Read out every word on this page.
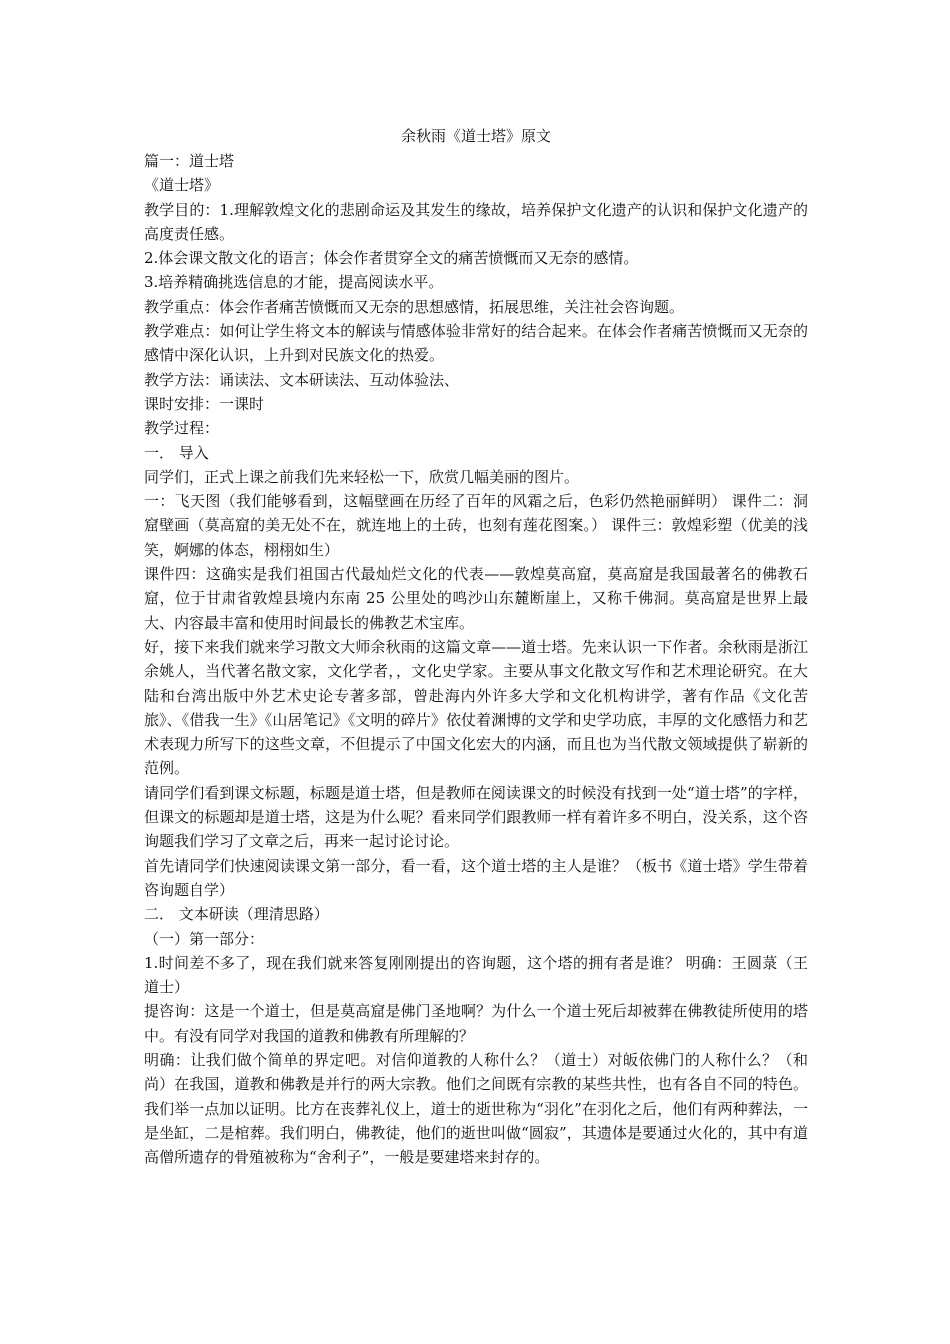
余秋雨《道士塔》原文
篇一：道士塔
《道士塔》
教学目的：1.理解敦煌文化的悲剧命运及其发生的缘故，培养保护文化遗产的认识和保护文化遗产的高度责任感。
2.体会课文散文化的语言；体会作者贯穿全文的痛苦愤慨而又无奈的感情。
3.培养精确挑选信息的才能，提高阅读水平。
教学重点：体会作者痛苦愤慨而又无奈的思想感情，拓展思维，关注社会咨询题。
教学难点：如何让学生将文本的解读与情感体验非常好的结合起来。在体会作者痛苦愤慨而又无奈的感情中深化认识，上升到对民族文化的热爱。
教学方法：诵读法、文本研读法、互动体验法、
课时安排：一课时
教学过程：
一． 导入
同学们，正式上课之前我们先来轻松一下，欣赏几幅美丽的图片。
一：飞天图（我们能够看到，这幅壁画在历经了百年的风霜之后，色彩仍然艳丽鲜明） 课件二：洞窟壁画（莫高窟的美无处不在，就连地上的土砖，也刻有莲花图案。） 课件三：敦煌彩塑（优美的浅笑，婀娜的体态，栩栩如生）
课件四：这确实是我们祖国古代最灿烂文化的代表——敦煌莫高窟，莫高窟是我国最著名的佛教石窟，位于甘肃省敦煌县境内东南 25 公里处的鸣沙山东麓断崖上，又称千佛洞。莫高窟是世界上最大、内容最丰富和使用时间最长的佛教艺术宝库。
好，接下来我们就来学习散文大师余秋雨的这篇文章——道士塔。先来认识一下作者。余秋雨是浙江余姚人，当代著名散文家，文化学者，，文化史学家。主要从事文化散文写作和艺术理论研究。在大陆和台湾出版中外艺术史论专著多部，曾赴海内外许多大学和文化机构讲学，著有作品《文化苦旅》、《借我一生》《山居笔记》《文明的碎片》依仗着渊博的文学和史学功底，丰厚的文化感悟力和艺术表现力所写下的这些文章，不但提示了中国文化宏大的内涵，而且也为当代散文领域提供了崭新的范例。
请同学们看到课文标题，标题是道士塔，但是教师在阅读课文的时候没有找到一处“道士塔”的字样，但课文的标题却是道士塔，这是为什么呢？看来同学们跟教师一样有着许多不明白，没关系，这个咨询题我们学习了文章之后，再来一起讨论讨论。
首先请同学们快速阅读课文第一部分，看一看，这个道士塔的主人是谁？（板书《道士塔》学生带着咨询题自学）
二． 文本研读（理清思路）
（一）第一部分：
1.时间差不多了，现在我们就来答复刚刚提出的咨询题，这个塔的拥有者是谁？ 明确：王圆菉（王道士）
提咨询：这是一个道士，但是莫高窟是佛门圣地啊？为什么一个道士死后却被葬在佛教徒所使用的塔中。有没有同学对我国的道教和佛教有所理解的？
明确：让我们做个简单的界定吧。对信仰道教的人称什么？（道士）对皈依佛门的人称什么？（和尚）在我国，道教和佛教是并行的两大宗教。他们之间既有宗教的某些共性，也有各自不同的特色。我们举一点加以证明。比方在丧葬礼仪上，道士的逝世称为“羽化”在羽化之后，他们有两种葬法，一是坐缸，二是棺葬。我们明白，佛教徒，他们的逝世叫做“圆寂”，其遗体是要通过火化的，其中有道高僧所遗存的骨殖被称为“舍利子”，一般是要建塔来封存的。
